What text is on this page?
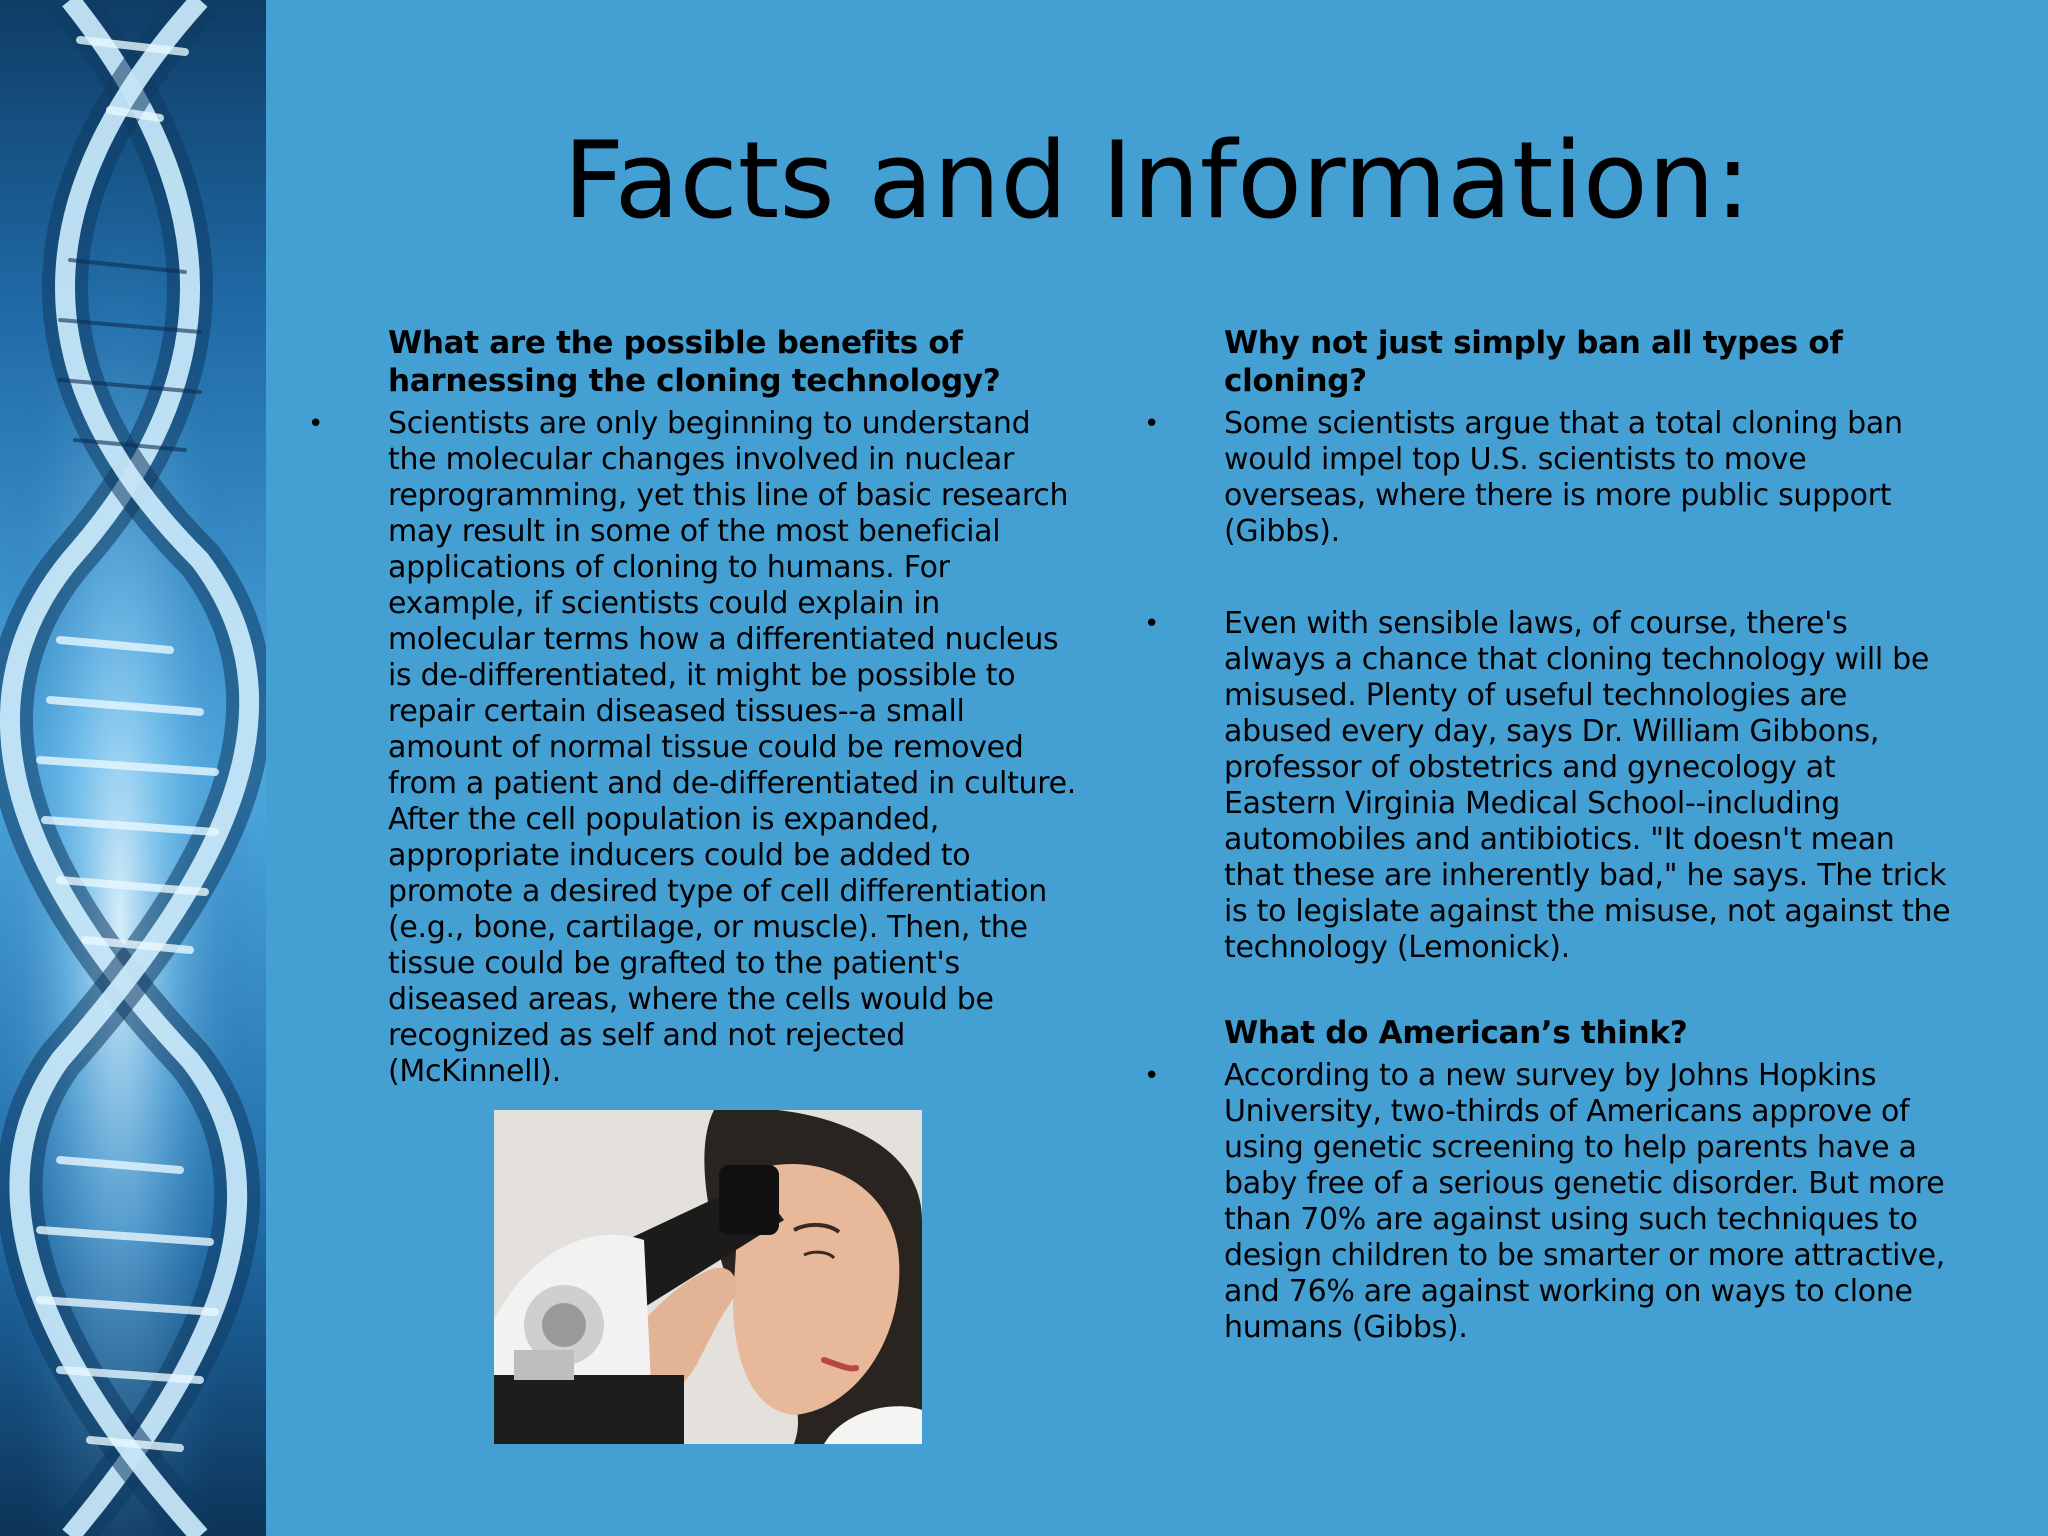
Facts and Information:

What are the possible benefits of harnessing the cloning technology?

• Scientists are only beginning to understand the molecular changes involved in nuclear reprogramming, yet this line of basic research may result in some of the most beneficial applications of cloning to humans. For example, if scientists could explain in molecular terms how a differentiated nucleus is de-differentiated, it might be possible to repair certain diseased tissues--a small amount of normal tissue could be removed from a patient and de-differentiated in culture. After the cell population is expanded, appropriate inducers could be added to promote a desired type of cell differentiation (e.g., bone, cartilage, or muscle). Then, the tissue could be grafted to the patient's diseased areas, where the cells would be recognized as self and not rejected (McKinnell).

Why not just simply ban all types of cloning?

• Some scientists argue that a total cloning ban would impel top U.S. scientists to move overseas, where there is more public support (Gibbs).

• Even with sensible laws, of course, there's always a chance that cloning technology will be misused. Plenty of useful technologies are abused every day, says Dr. William Gibbons, professor of obstetrics and gynecology at Eastern Virginia Medical School--including automobiles and antibiotics. "It doesn't mean that these are inherently bad," he says. The trick is to legislate against the misuse, not against the technology (Lemonick).

What do American’s think?

• According to a new survey by Johns Hopkins University, two-thirds of Americans approve of using genetic screening to help parents have a baby free of a serious genetic disorder. But more than 70% are against using such techniques to design children to be smarter or more attractive, and 76% are against working on ways to clone humans (Gibbs).
